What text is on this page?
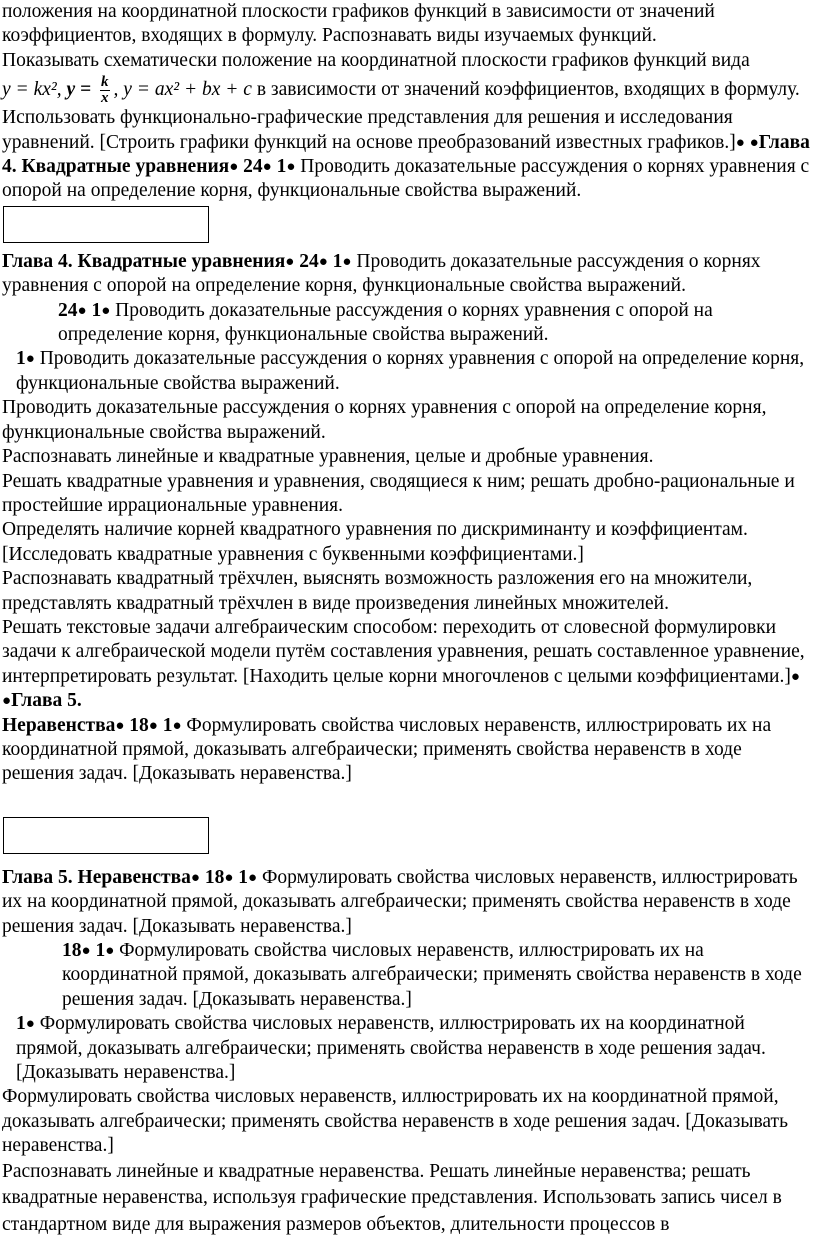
положения на координатной плоскости графиков функций в зависимости от значений коэффициентов, входящих в формулу. Распознавать виды изучаемых функций.

Показывать схематически положение на координатной плоскости графиков функций вида

y = kx², $y = \frac{k}{x}$ , y = ax² + bx + c в зависимости от значений коэффициентов, входящих в формулу.

Использовать функционально-графические представления для решения и исследования уравнений. [Строить графики функций на основе преобразований известных графиков.]● ●Глава 4. Квадратные уравнения● 24● 1● Проводить доказательные рассуждения о корнях уравнения с опорой на определение корня, функциональные свойства выражений.

Глава 4. Квадратные уравнения● 24● 1● Проводить доказательные рассуждения о корнях уравнения с опорой на определение корня, функциональные свойства выражений.

24● 1● Проводить доказательные рассуждения о корнях уравнения с опорой на определение корня, функциональные свойства выражений.

1● Проводить доказательные рассуждения о корнях уравнения с опорой на определение корня, функциональные свойства выражений.

Проводить доказательные рассуждения о корнях уравнения с опорой на определение корня, функциональные свойства выражений.

Распознавать линейные и квадратные уравнения, целые и дробные уравнения.

Решать квадратные уравнения и уравнения, сводящиеся к ним; решать дробно-рациональные и простейшие иррациональные уравнения.

Определять наличие корней квадратного уравнения по дискриминанту и коэффициентам. [Исследовать квадратные уравнения с буквенными коэффициентами.]

Распознавать квадратный трёхчлен, выяснять возможность разложения его на множители, представлять квадратный трёхчлен в виде произведения линейных множителей.

Решать текстовые задачи алгебраическим способом: переходить от словесной формулировки задачи к алгебраической модели путём составления уравнения, решать составленное уравнение, интерпретировать результат. [Находить целые корни многочленов с целыми коэффициентами.]● ●Глава 5.
Неравенства● 18● 1● Формулировать свойства числовых неравенств, иллюстрировать их на координатной прямой, доказывать алгебраически; применять свойства неравенств в ходе решения задач. [Доказывать неравенства.]

Глава 5. Неравенства● 18● 1● Формулировать свойства числовых неравенств, иллюстрировать их на координатной прямой, доказывать алгебраически; применять свойства неравенств в ходе решения задач. [Доказывать неравенства.]

18● 1● Формулировать свойства числовых неравенств, иллюстрировать их на координатной прямой, доказывать алгебраически; применять свойства неравенств в ходе решения задач. [Доказывать неравенства.]

1● Формулировать свойства числовых неравенств, иллюстрировать их на координатной прямой, доказывать алгебраически; применять свойства неравенств в ходе решения задач. [Доказывать неравенства.]

Формулировать свойства числовых неравенств, иллюстрировать их на координатной прямой, доказывать алгебраически; применять свойства неравенств в ходе решения задач. [Доказывать неравенства.]

Распознавать линейные и квадратные неравенства. Решать линейные неравенства; решать квадратные неравенства, используя графические представления. Использовать запись чисел в стандартном виде для выражения размеров объектов, длительности процессов в
